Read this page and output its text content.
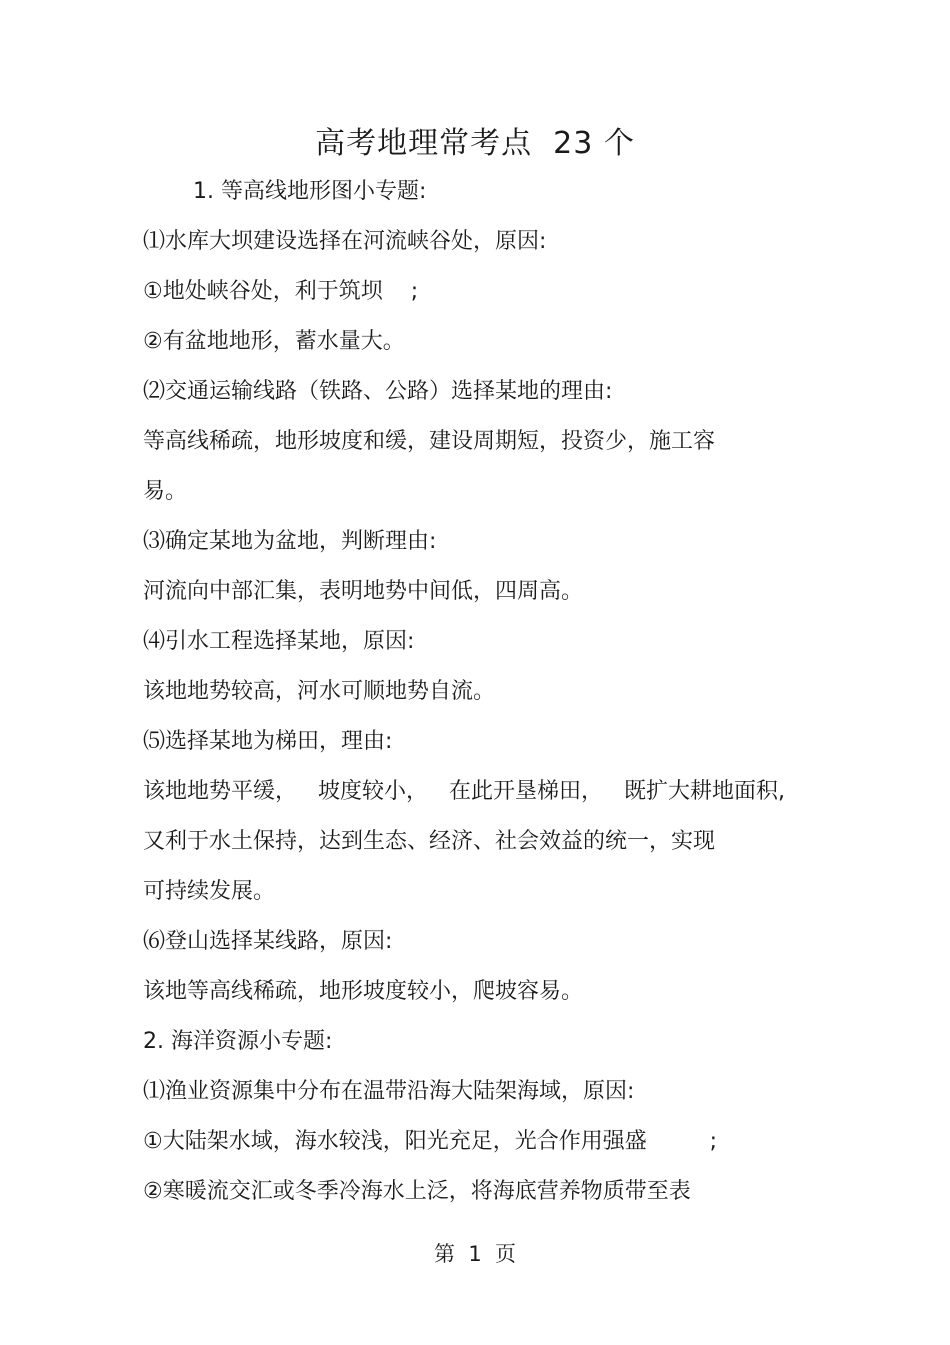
高考地理常考点  23 个
1. 等高线地形图小专题:
⑴水库大坝建设选择在河流峡谷处，原因:
①地处峡谷处，利于筑坝    ;
②有盆地地形，蓄水量大。
⑵交通运输线路（铁路、公路）选择某地的理由:
等高线稀疏，地形坡度和缓，建设周期短，投资少，施工容
易。
⑶确定某地为盆地，判断理由:
河流向中部汇集，表明地势中间低，四周高。
⑷引水工程选择某地，原因:
该地地势较高，河水可顺地势自流。
⑸选择某地为梯田，理由:
该地地势平缓，   坡度较小，   在此开垦梯田，   既扩大耕地面积,
又利于水土保持，达到生态、经济、社会效益的统一，实现
可持续发展。
⑹登山选择某线路，原因:
该地等高线稀疏，地形坡度较小，爬坡容易。
2. 海洋资源小专题:
⑴渔业资源集中分布在温带沿海大陆架海域，原因:
①大陆架水域，海水较浅，阳光充足，光合作用强盛         ;
②寒暖流交汇或冬季冷海水上泛，将海底营养物质带至表
第  1  页
